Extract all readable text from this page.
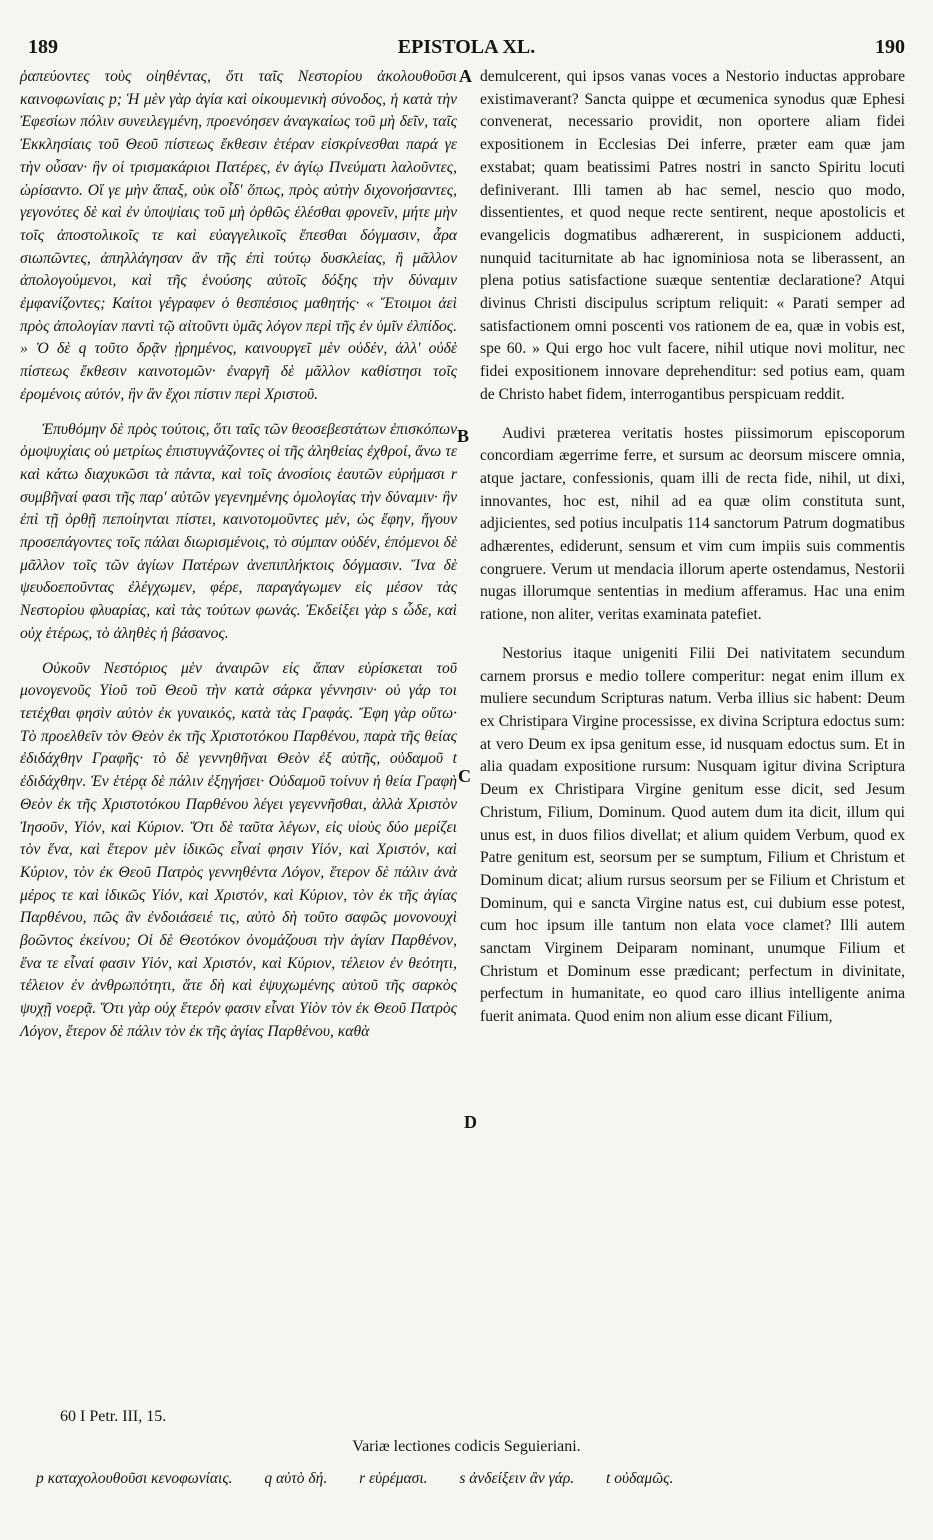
189	EPISTOLA XL.	190

ῥαπεύοντες τοὺς οἰηθέντας, ὅτι ταῖς Νεστορίου ἀκολουθοῦσι καινοφωνίαις p; Ἡ μὲν γὰρ ἁγία καὶ οἰκουμενικὴ σύνοδος, ἡ κατὰ τὴν Ἐφεσίων πόλιν συνειλεγμένη, προενόησεν ἀναγκαίως τοῦ μὴ δεῖν, ταῖς Ἐκκλησίαις τοῦ Θεοῦ πίστεως ἔκθεσιν ἑτέραν εἰσκρίνεσθαι παρά γε τὴν οὖσαν· ἣν οἱ τρισμακάριοι Πατέρες, ἐν ἁγίῳ Πνεύματι λαλοῦντες, ὡρίσαντο. Οἵ γε μὴν ἅπαξ, οὐκ οἶδ' ὅπως, πρὸς αὐτὴν διχονοήσαντες, γεγονότες δὲ καὶ ἐν ὑποψίαις τοῦ μὴ ὀρθῶς ἑλέσθαι φρονεῖν, μήτε μὴν τοῖς ἀποστολικοῖς τε καὶ εὐαγγελικοῖς ἕπεσθαι δόγμασιν, ἆρα σιωπῶντες, ἀπηλλάγησαν ἂν τῆς ἐπὶ τούτῳ δυσκλείας, ἢ μᾶλλον ἀπολογούμενοι, καὶ τῆς ἑνούσης αὐτοῖς δόξης τὴν δύναμιν ἐμφανίζοντες; Καίτοι γέγραφεν ὁ θεσπέσιος μαθητής· « Ἕτοιμοι ἀεὶ πρὸς ἀπολογίαν παντὶ τῷ αἰτοῦντι ὑμᾶς λόγον περὶ τῆς ἐν ὑμῖν ἐλπίδος. » Ὁ δὲ q τοῦτο δρᾷν ᾑρημένος, καινουργεῖ μὲν οὐδέν, ἀλλ' οὐδὲ πίστεως ἔκθεσιν καινοτομῶν· ἐναργῆ δὲ μᾶλλον καθίστησι τοῖς ἐρομένοις αὐτόν, ἣν ἂν ἔχοι πίστιν περὶ Χριστοῦ.

Ἐπυθόμην δὲ πρὸς τούτοις, ὅτι ταῖς τῶν θεοσεβεστάτων ἐπισκόπων ὁμοψυχίαις οὐ μετρίως ἐπιστυγνάζοντες οἱ τῆς ἀληθείας ἐχθροί, ἄνω τε καὶ κάτω διαχυκῶσι τὰ πάντα, καὶ τοῖς ἀνοσίοις ἑαυτῶν εὑρήμασι r συμβῆναί φασι τῆς παρ' αὐτῶν γεγενημένης ὁμολογίας τὴν δύναμιν· ἣν ἐπὶ τῇ ὀρθῇ πεποίηνται πίστει, καινοτομοῦντες μέν, ὡς ἔφην, ἤγουν προσεπάγοντες τοῖς πάλαι διωρισμένοις, τὸ σύμπαν οὐδέν, ἑπόμενοι δὲ μᾶλλον τοῖς τῶν ἁγίων Πατέρων ἀνεπιπλήκτοις δόγμασιν. Ἵνα δὲ ψευδοεποῦντας ἐλέγχωμεν, φέρε, παραγάγωμεν εἰς μέσον τὰς Νεστορίου φλυαρίας, καὶ τὰς τούτων φωνάς. Ἐκδείξει γὰρ s ὧδε, καὶ οὐχ ἑτέρως, τὸ ἀληθὲς ἡ βάσανος.

Οὐκοῦν Νεστόριος μὲν ἀναιρῶν εἰς ἅπαν εὑρίσκεται τοῦ μονογενοῦς Υἱοῦ τοῦ Θεοῦ τὴν κατὰ σάρκα γέννησιν· οὐ γάρ τοι τετέχθαι φησὶν αὐτὸν ἐκ γυναικός, κατὰ τὰς Γραφάς. Ἔφη γὰρ οὕτω· Τὸ προελθεῖν τὸν Θεὸν ἐκ τῆς Χριστοτόκου Παρθένου, παρὰ τῆς θείας ἐδιδάχθην Γραφῆς· τὸ δὲ γεννηθῆναι Θεὸν ἐξ αὐτῆς, οὐδαμοῦ t ἐδιδάχθην. Ἐν ἑτέρᾳ δὲ πάλιν ἐξηγήσει· Οὐδαμοῦ τοίνυν ἡ θεία Γραφὴ Θεὸν ἐκ τῆς Χριστοτόκου Παρθένου λέγει γεγεννῆσθαι, ἀλλὰ Χριστὸν Ἰησοῦν, Υἱόν, καὶ Κύριον. Ὅτι δὲ ταῦτα λέγων, εἰς υἱοὺς δύο μερίζει τὸν ἕνα, καὶ ἕτερον μὲν ἰδικῶς εἶναί φησιν Υἱόν, καὶ Χριστόν, καὶ Κύριον, τὸν ἐκ Θεοῦ Πατρὸς γεννηθέντα Λόγον, ἕτερον δὲ πάλιν ἀνὰ μέρος τε καὶ ἰδικῶς Υἱόν, καὶ Χριστόν, καὶ Κύριον, τὸν ἐκ τῆς ἁγίας Παρθένου, πῶς ἂν ἐνδοιάσειέ τις, αὐτὸ δὴ τοῦτο σαφῶς μονονουχὶ βοῶντος ἐκείνου; Οἱ δὲ Θεοτόκον ὀνομάζουσι τὴν ἁγίαν Παρθένον, ἕνα τε εἶναί φασιν Υἱόν, καὶ Χριστόν, καὶ Κύριον, τέλειον ἐν θεότητι, τέλειον ἐν ἀνθρωπότητι, ἅτε δὴ καὶ ἐψυχωμένης αὐτοῦ τῆς σαρκὸς ψυχῇ νοερᾷ. Ὅτι γὰρ οὐχ ἕτερόν φασιν εἶναι Υἱὸν τὸν ἐκ Θεοῦ Πατρὸς Λόγον, ἕτερον δὲ πάλιν τὸν ἐκ τῆς ἁγίας Παρθένου, καθὰ

A
B
C
D

demulcerent, qui ipsos vanas voces a Nestorio inductas approbare existimaverant? Sancta quippe et œcumenica synodus quæ Ephesi convenerat, necessario providit, non oportere aliam fidei expositionem in Ecclesias Dei inferre, præter eam quæ jam exstabat; quam beatissimi Patres nostri in sancto Spiritu locuti definiverant. Illi tamen ab hac semel, nescio quo modo, dissentientes, et quod neque recte sentirent, neque apostolicis et evangelicis dogmatibus adhærerent, in suspicionem adducti, nunquid taciturnitate ab hac ignominiosa nota se liberassent, an plena potius satisfactione suæque sententiæ declaratione? Atqui divinus Christi discipulus scriptum reliquit: « Parati semper ad satisfactionem omni poscenti vos rationem de ea, quæ in vobis est, spe 60. » Qui ergo hoc vult facere, nihil utique novi molitur, nec fidei expositionem innovare deprehenditur: sed potius eam, quam de Christo habet fidem, interrogantibus perspicuam reddit.

Audivi præterea veritatis hostes piissimorum episcoporum concordiam ægerrime ferre, et sursum ac deorsum miscere omnia, atque jactare, confessionis, quam illi de recta fide, nihil, ut dixi, innovantes, hoc est, nihil ad ea quæ olim constituta sunt, adjicientes, sed potius inculpatis 114 sanctorum Patrum dogmatibus adhærentes, ediderunt, sensum et vim cum impiis suis commentis congruere. Verum ut mendacia illorum aperte ostendamus, Nestorii nugas illorumque sententias in medium afferamus. Hac una enim ratione, non aliter, veritas examinata patefiet.

Nestorius itaque unigeniti Filii Dei nativitatem secundum carnem prorsus e medio tollere comperitur: negat enim illum ex muliere secundum Scripturas natum. Verba illius sic habent: Deum ex Christipara Virgine processisse, ex divina Scriptura edoctus sum: at vero Deum ex ipsa genitum esse, id nusquam edoctus sum. Et in alia quadam expositione rursum: Nusquam igitur divina Scriptura Deum ex Christipara Virgine genitum esse dicit, sed Jesum Christum, Filium, Dominum. Quod autem dum ita dicit, illum qui unus est, in duos filios divellat; et alium quidem Verbum, quod ex Patre genitum est, seorsum per se sumptum, Filium et Christum et Dominum dicat; alium rursus seorsum per se Filium et Christum et Dominum, qui e sancta Virgine natus est, cui dubium esse potest, cum hoc ipsum ille tantum non elata voce clamet? Illi autem sanctam Virginem Deiparam nominant, unumque Filium et Christum et Dominum esse prædicant; perfectum in divinitate, perfectum in humanitate, eo quod caro illius intelligente anima fuerit animata. Quod enim non alium esse dicant Filium,

60 I Petr. III, 15.
Variæ lectiones codicis Seguieriani.
p καταχολουθοῦσι κενοφωνίαις. q αὐτὸ δή. r εὑρέμασι. s ἀνδείξειν ἂν γάρ. t οὐδαμῶς.
